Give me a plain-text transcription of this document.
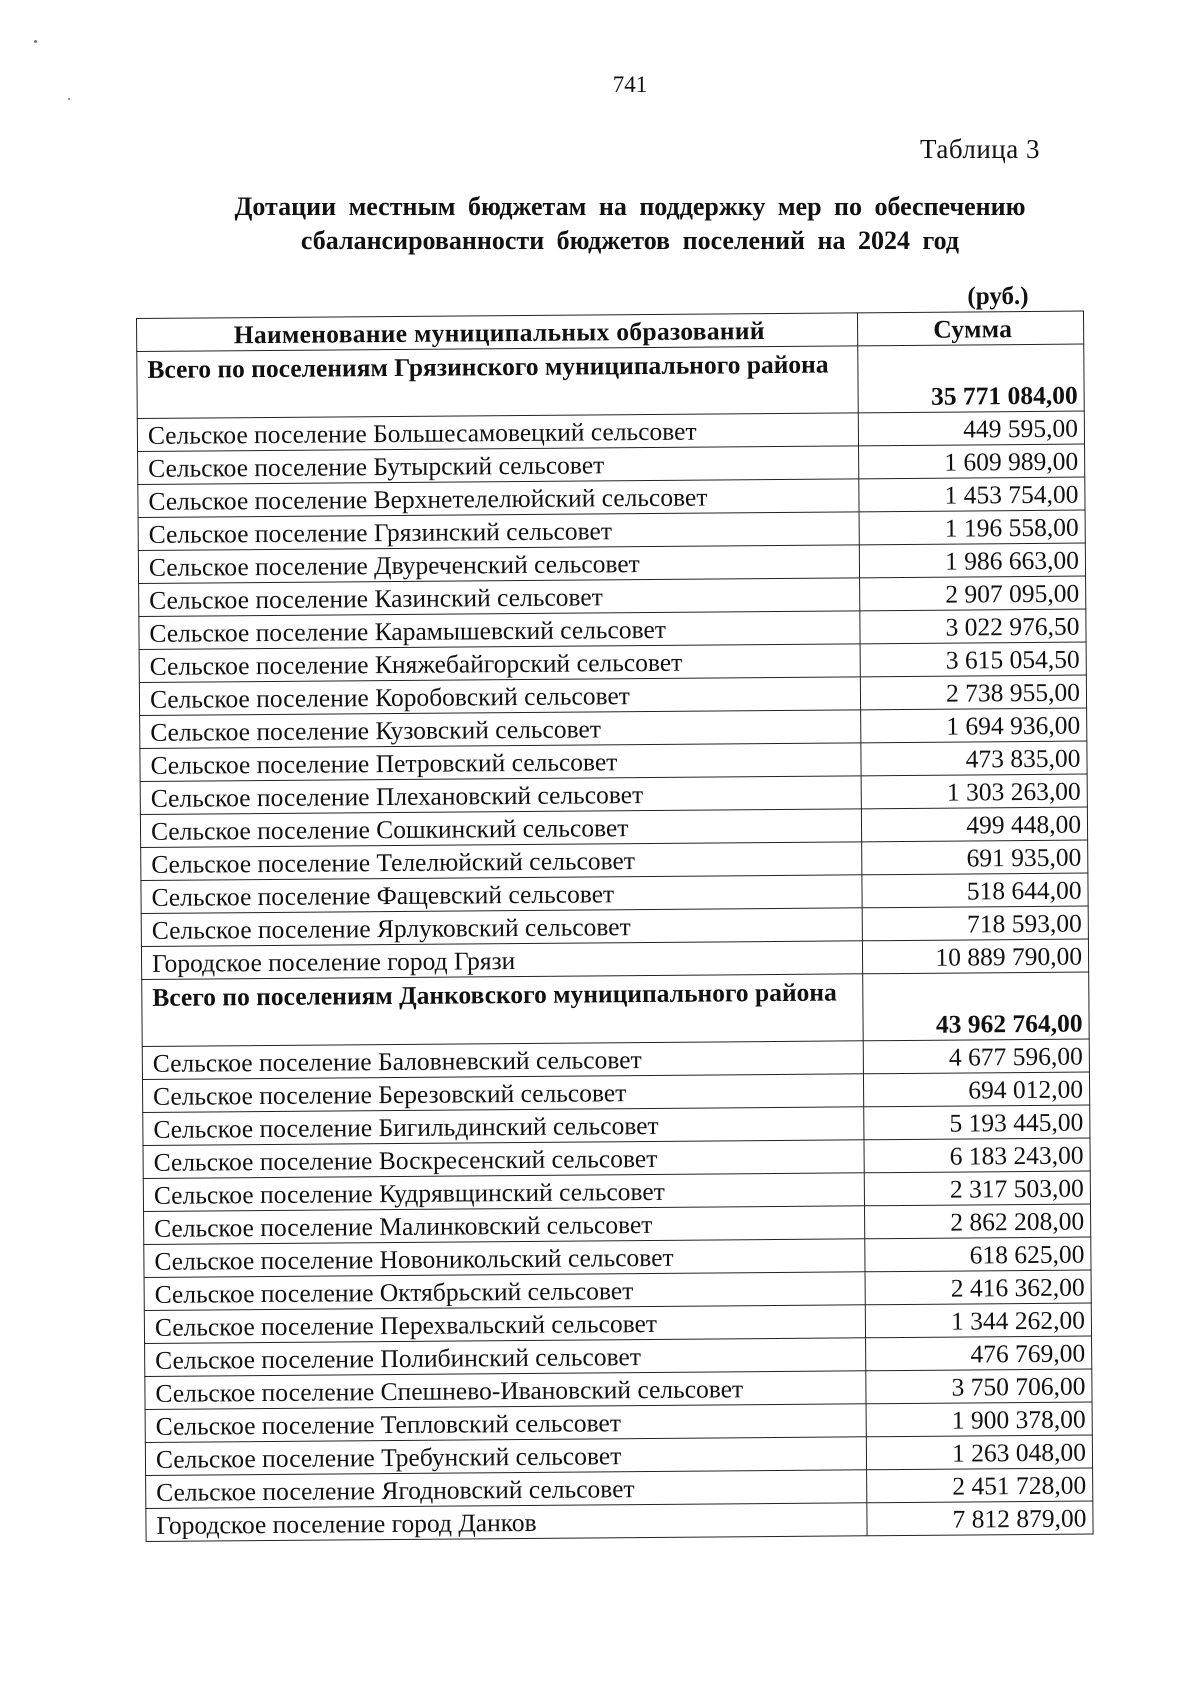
741
Таблица 3
Дотации местным бюджетам на поддержку мер по обеспечению
сбалансированности бюджетов поселений на 2024 год
(руб.)
Наименование муниципальных образований	Сумма
Всего по поселениям Грязинского муниципального района	35 771 084,00
Сельское поселение Большесамовецкий сельсовет	449 595,00
Сельское поселение Бутырский сельсовет	1 609 989,00
Сельское поселение Верхнетелелюйский сельсовет	1 453 754,00
Сельское поселение Грязинский сельсовет	1 196 558,00
Сельское поселение Двуреченский сельсовет	1 986 663,00
Сельское поселение Казинский сельсовет	2 907 095,00
Сельское поселение Карамышевский сельсовет	3 022 976,50
Сельское поселение Княжебайгорский сельсовет	3 615 054,50
Сельское поселение Коробовский сельсовет	2 738 955,00
Сельское поселение Кузовский сельсовет	1 694 936,00
Сельское поселение Петровский сельсовет	473 835,00
Сельское поселение Плехановский сельсовет	1 303 263,00
Сельское поселение Сошкинский сельсовет	499 448,00
Сельское поселение Телелюйский сельсовет	691 935,00
Сельское поселение Фащевский сельсовет	518 644,00
Сельское поселение Ярлуковский сельсовет	718 593,00
Городское поселение город Грязи	10 889 790,00
Всего по поселениям Данковского муниципального района	43 962 764,00
Сельское поселение Баловневский сельсовет	4 677 596,00
Сельское поселение Березовский сельсовет	694 012,00
Сельское поселение Бигильдинский сельсовет	5 193 445,00
Сельское поселение Воскресенский сельсовет	6 183 243,00
Сельское поселение Кудрявщинский сельсовет	2 317 503,00
Сельское поселение Малинковский сельсовет	2 862 208,00
Сельское поселение Новоникольский сельсовет	618 625,00
Сельское поселение Октябрьский сельсовет	2 416 362,00
Сельское поселение Перехвальский сельсовет	1 344 262,00
Сельское поселение Полибинский сельсовет	476 769,00
Сельское поселение Спешнево-Ивановский сельсовет	3 750 706,00
Сельское поселение Тепловский сельсовет	1 900 378,00
Сельское поселение Требунский сельсовет	1 263 048,00
Сельское поселение Ягодновский сельсовет	2 451 728,00
Городское поселение город Данков	7 812 879,00
